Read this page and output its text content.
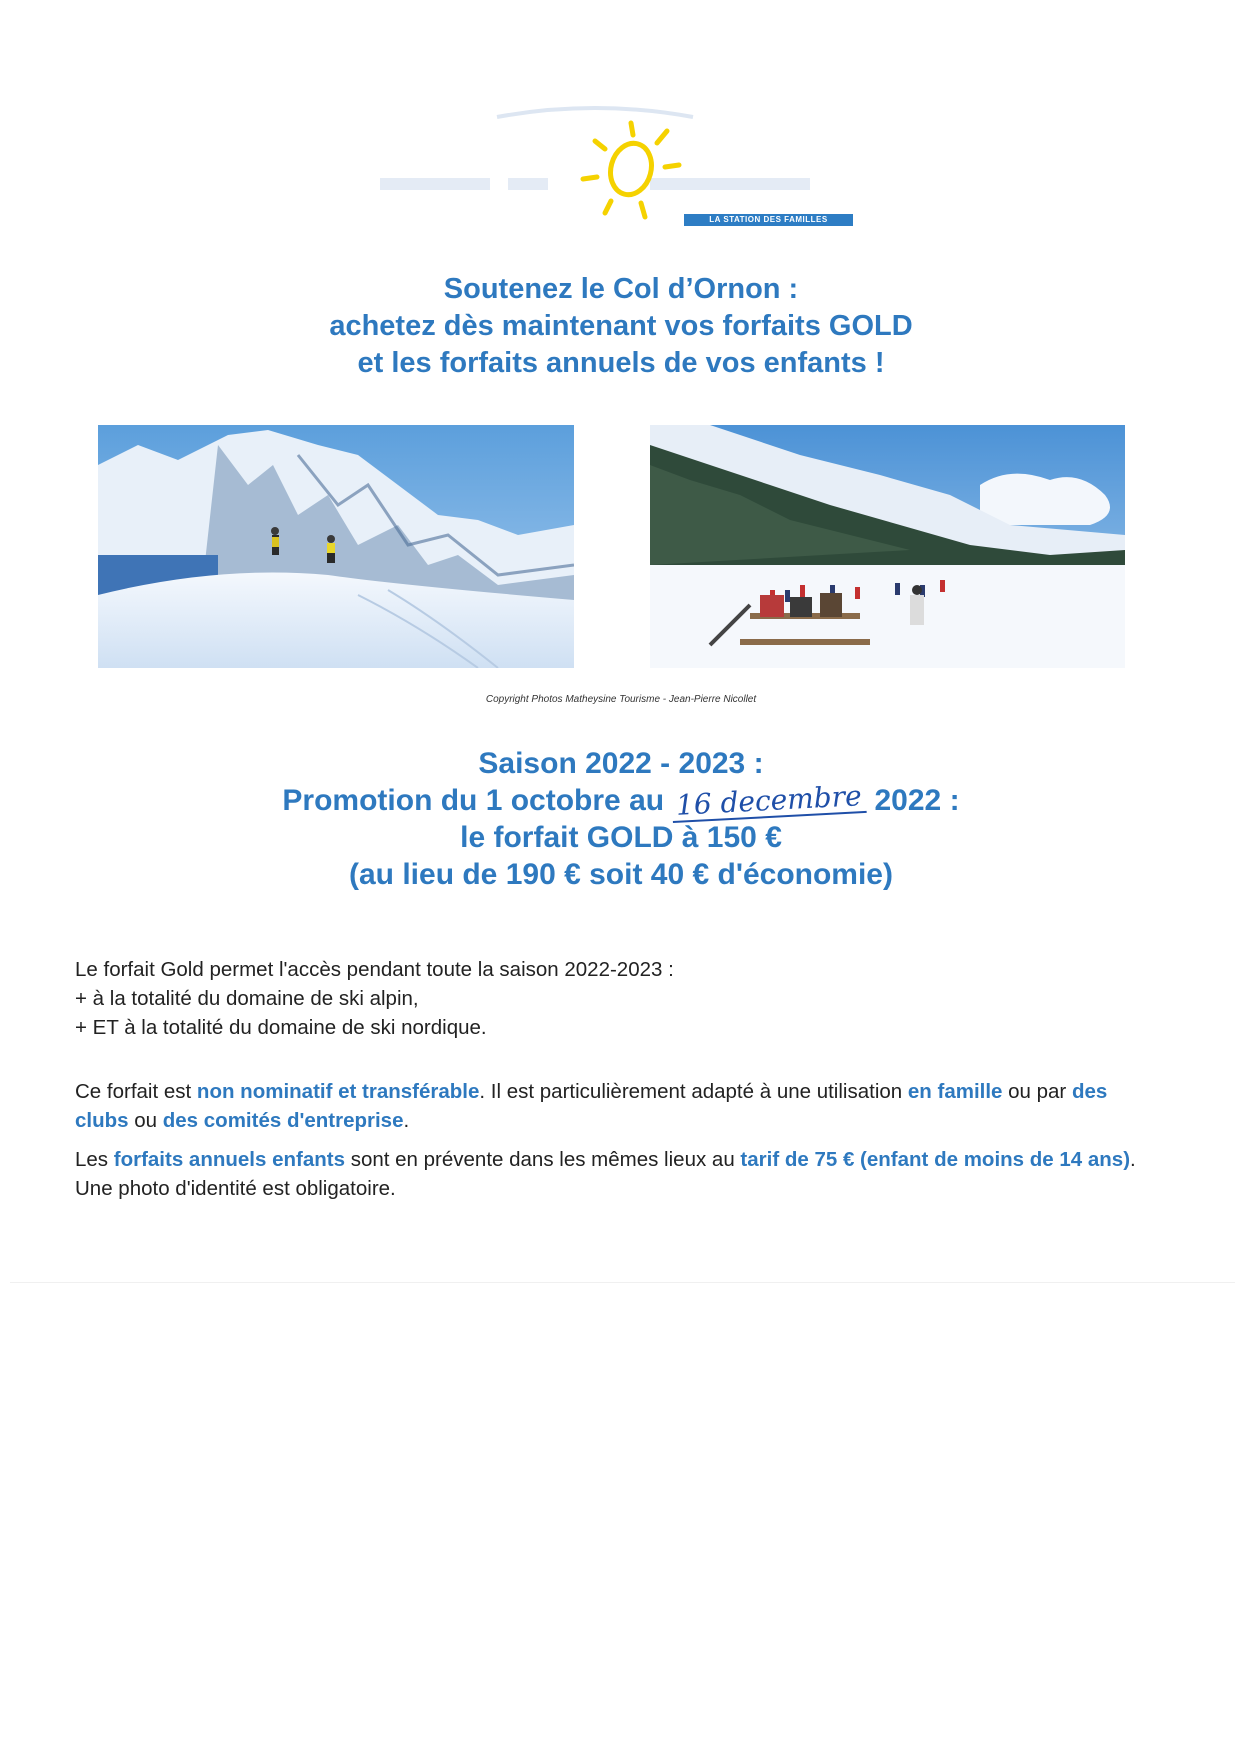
LA STATION DES FAMILLES
Soutenez le Col d’Ornon :
achetez dès maintenant vos forfaits GOLD
et les forfaits annuels de vos enfants !
Copyright Photos Matheysine Tourisme - Jean-Pierre Nicollet
Saison 2022 - 2023 :
Promotion du 1 octobre au 16 decembre 2022 :
le forfait GOLD à 150 €
(au lieu de 190 € soit 40 € d'économie)

Le forfait Gold permet l'accès pendant toute la saison 2022-2023 :

+ à la totalité du domaine de ski alpin,

+ ET à la totalité du domaine de ski nordique.

Ce forfait est non nominatif et transférable. Il est particulièrement adapté à une utilisation en famille ou par des clubs ou des comités d'entreprise.

Les forfaits annuels enfants sont en prévente dans les mêmes lieux au tarif de 75 € (enfant de moins de 14 ans). Une photo d'identité est obligatoire.
